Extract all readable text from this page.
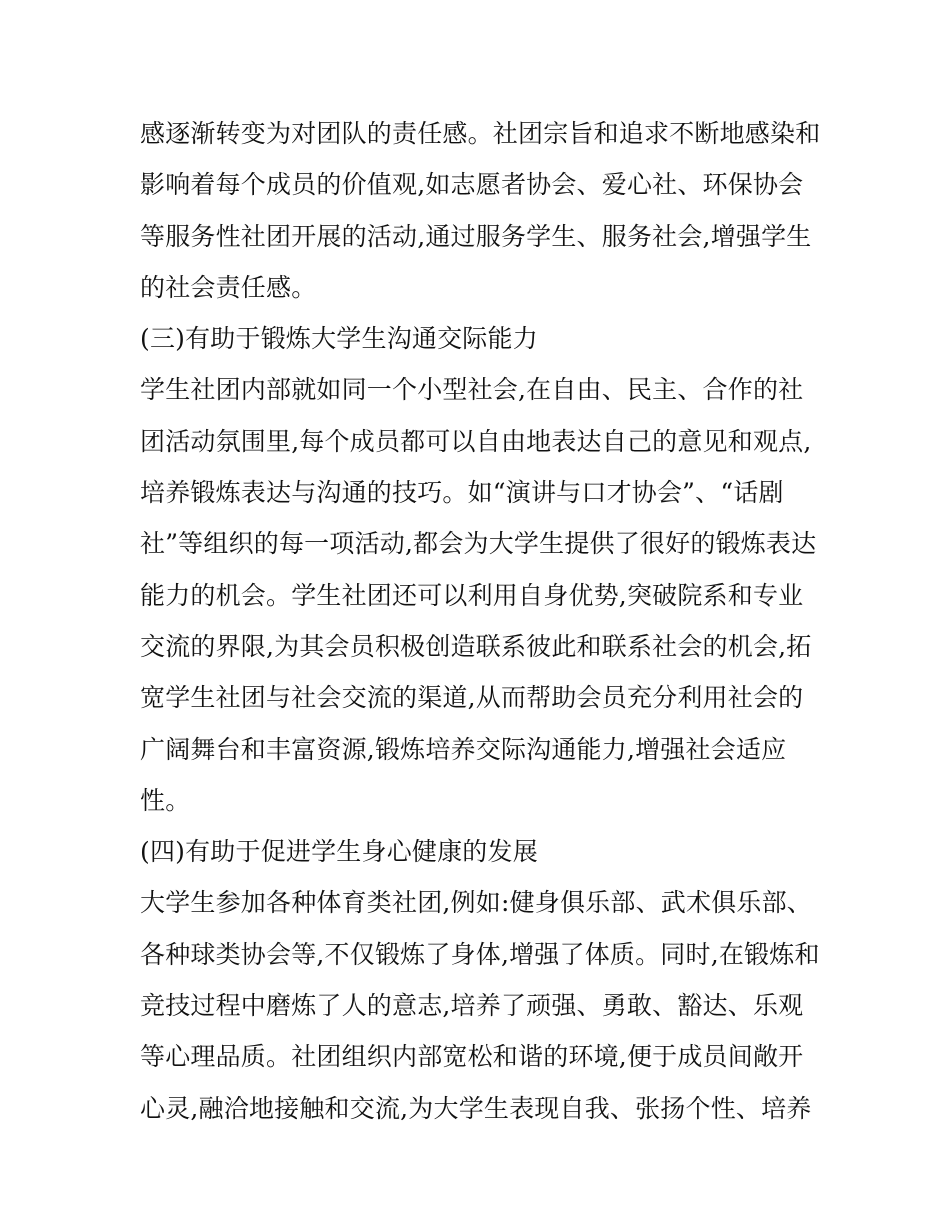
感逐渐转变为对团队的责任感。社团宗旨和追求不断地感染和
影响着每个成员的价值观,如志愿者协会、爱心社、环保协会
等服务性社团开展的活动,通过服务学生、服务社会,增强学生
的社会责任感。
(三)有助于锻炼大学生沟通交际能力
学生社团内部就如同一个小型社会,在自由、民主、合作的社
团活动氛围里,每个成员都可以自由地表达自己的意见和观点,
培养锻炼表达与沟通的技巧。如“演讲与口才协会”、“话剧
社”等组织的每一项活动,都会为大学生提供了很好的锻炼表达
能力的机会。学生社团还可以利用自身优势,突破院系和专业
交流的界限,为其会员积极创造联系彼此和联系社会的机会,拓
宽学生社团与社会交流的渠道,从而帮助会员充分利用社会的
广阔舞台和丰富资源,锻炼培养交际沟通能力,增强社会适应
性。
(四)有助于促进学生身心健康的发展
大学生参加各种体育类社团,例如:健身俱乐部、武术俱乐部、
各种球类协会等,不仅锻炼了身体,增强了体质。同时,在锻炼和
竞技过程中磨炼了人的意志,培养了顽强、勇敢、豁达、乐观
等心理品质。社团组织内部宽松和谐的环境,便于成员间敞开
心灵,融洽地接触和交流,为大学生表现自我、张扬个性、培养
